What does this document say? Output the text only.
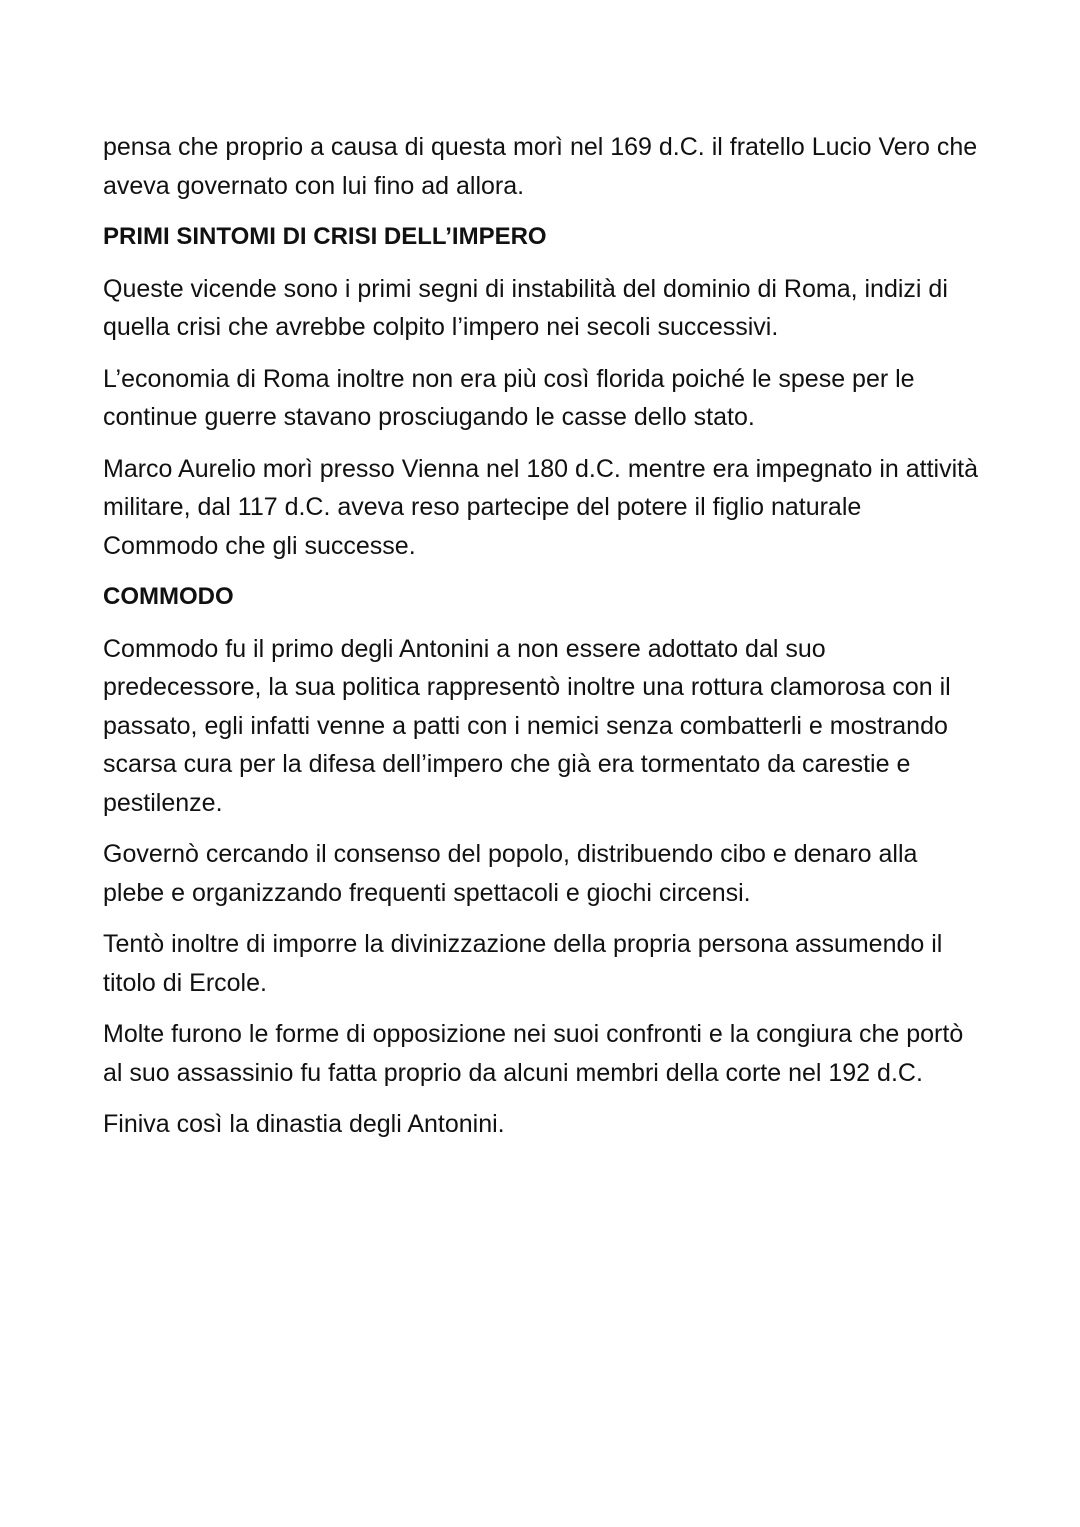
pensa che proprio a causa di questa morì nel 169 d.C. il fratello Lucio Vero che aveva governato con lui fino ad allora.

PRIMI SINTOMI DI CRISI DELL’IMPERO

Queste vicende sono i primi segni di instabilità del dominio di Roma, indizi di quella crisi che avrebbe colpito l’impero nei secoli successivi.

L’economia di Roma inoltre non era più così florida poiché le spese per le continue guerre stavano prosciugando le casse dello stato.

Marco Aurelio morì presso Vienna nel 180 d.C. mentre era impegnato in attività militare, dal 117 d.C. aveva reso partecipe del potere il figlio naturale Commodo che gli successe.

COMMODO

Commodo fu il primo degli Antonini a non essere adottato dal suo predecessore, la sua politica rappresentò inoltre una rottura clamorosa con il passato, egli infatti venne a patti con i nemici senza combatterli e mostrando scarsa cura per la difesa dell’impero che già era tormentato da carestie e pestilenze.

Governò cercando il consenso del popolo, distribuendo cibo e denaro alla plebe e organizzando frequenti spettacoli e giochi circensi.

Tentò inoltre di imporre la divinizzazione della propria persona assumendo il titolo di Ercole.

Molte furono le forme di opposizione nei suoi confronti e la congiura che portò al suo assassinio fu fatta proprio da alcuni membri della corte nel 192 d.C.

Finiva così la dinastia degli Antonini.
